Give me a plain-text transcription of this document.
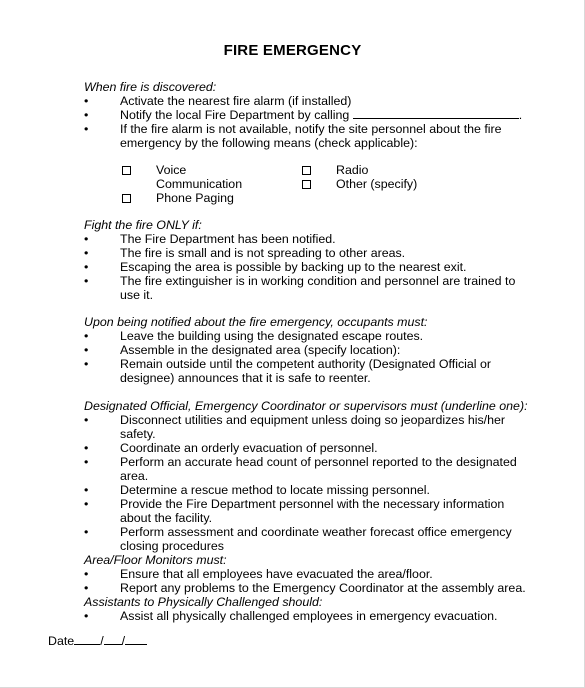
FIRE EMERGENCY
When fire is discovered:
•	Activate the nearest fire alarm (if installed)
•	Notify the local Fire Department by calling	.
•	If the fire alarm is not available, notify the site personnel about the fire emergency by the following means (check applicable):
Voice
Communication
Phone Paging
Radio
Other (specify)
Fight the fire ONLY if:
•	The Fire Department has been notified.
•	The fire is small and is not spreading to other areas.
•	Escaping the area is possible by backing up to the nearest exit.
•	The fire extinguisher is in working condition and personnel are trained to use it.
Upon being notified about the fire emergency, occupants must:
•	Leave the building using the designated escape routes.
•	Assemble in the designated area (specify location):
•	Remain outside until the competent authority (Designated Official or designee) announces that it is safe to reenter.
Designated Official, Emergency Coordinator or supervisors must (underline one):
•	Disconnect utilities and equipment unless doing so jeopardizes his/her safety.
•	Coordinate an orderly evacuation of personnel.
•	Perform an accurate head count of personnel reported to the designated area.
•	Determine a rescue method to locate missing personnel.
•	Provide the Fire Department personnel with the necessary information about the facility.
•	Perform assessment and coordinate weather forecast office emergency closing procedures
Area/Floor Monitors must:
•	Ensure that all employees have evacuated the area/floor.
•	Report any problems to the Emergency Coordinator at the assembly area.
Assistants to Physically Challenged should:
•	Assist all physically challenged employees in emergency evacuation.
Date / /
